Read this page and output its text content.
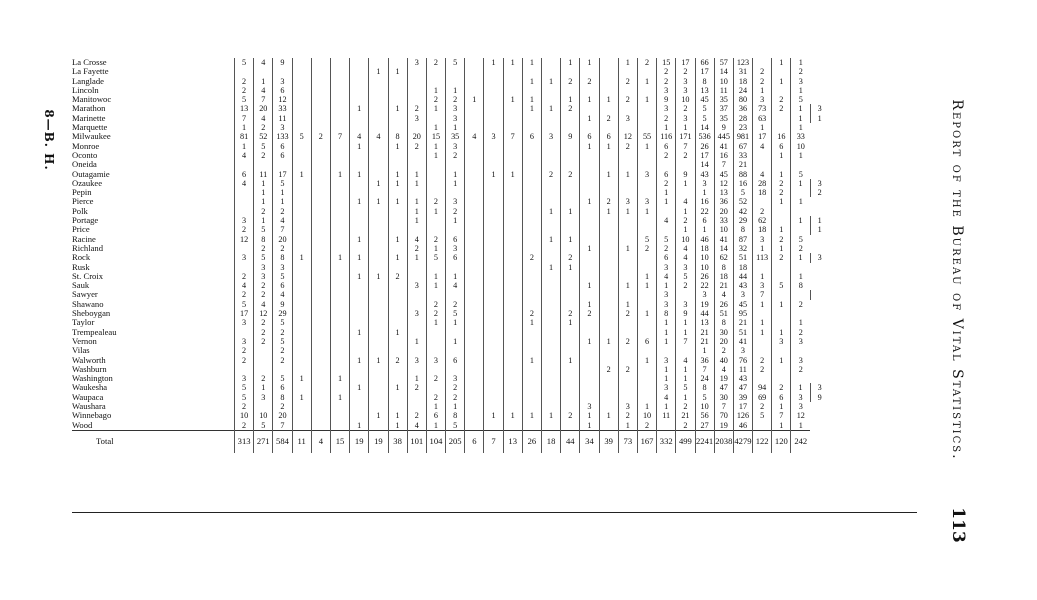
8—B. H.	Report of the Bureau of Vital Statistics.
113
La Crosse	5	4	9							3	2	5		1	1	1		1	1		1	2	15	17	66	57	123		1	1	
La Fayette								1	1														2	2	17	14	31	2		2	
Langlade	2	1	3													1	1	2	2		2	1	2	3	8	10	18	2	1	3	
Lincoln	2	4	6								1	1											3	3	13	11	24	1		1	
Manitowoc	5	7	12								2	2	1		1	1		1	1	1	2	1	9	10	45	35	80	3	2	5	
Marathon	13	20	33				1		1	2	1	3				1	1	2					3	2	5	37	36	73	2	1	3
Marinette	7	4	11							3		3							1	2	3		2	3	5	35	28	63		1	1
Marquette	1	2	3								1	1											1	1	14	9	23	1		1	
Milwaukee	81	52	133	5	2	7	4	4	8	20	15	35	4	3	7	6	3	9	6	6	12	55	116	171	536	445	981	17	16	33	
Monroe	1	5	6				1		1	2	1	3							1	1	2	1	6	7	26	41	67	4	6	10	
Oconto	4	2	6								1	2											2	2	17	16	33		1	1	
Oneida																									14	7	21				
Outagamie	6	11	17	1		1	1		1	1		1		1	1		2	2		1	1	3	6	9	43	45	88	4	1	5	
Ozaukee	4	1	5					1	1	1		1											2	1	3	12	16	28	2	1	3
Pepin		1	1																				1		1	13	5	18	2		2
Pierce		1	1				1	1	1	1	2	3							1	2	3	3	1	4	16	36	52		1	1	
Polk		2	2							1	1	2					1	1		1	1	1		1	22	20	42	2			
Portage	3	1	4							1		1											4	2	6	33	29	62		1	1
Price	2	5	7																					1	1	10	8	18	1		1
Racine	12	8	20				1		1	4	2	6					1	1				5	5	10	46	41	87	3	2	5	
Richland		2	2							2	1	3							1		1	2	2	4	18	14	32	1	1	2	
Rock	3	5	8	1		1	1		1	1	5	6				2		2					6	4	10	62	51	113	2	1	3
Rusk		3	3														1	1					3	3	10	8	18				
St. Croix	2	3	5				1	1	2		1	1										1	4	5	26	18	44	1		1	
Sauk	4	2	6							3	1	4							1		1	1	1	2	22	21	43	3	5	8	
Sawyer	2	2	4																				3		3	4	3	7			
Shawano	5	4	9								2	2							1		1		3	3	19	26	45	1	1	2	
Sheboygan	17	12	29							3	2	5				2		2	2		2	1	8	9	44	51	95				
Taylor	3	2	5								1	1				1		1					1	1	13	8	21	1		1	
Trempealeau		2	2				1		1														1	1	21	30	51	1	1	2	
Vernon	3	2	5							1		1							1	1	2	6	1	7	21	20	41		3	3	
Vilas	2		2																						1	2	3				
Walworth	2		2				1	1	2	3	3	6				1		1				1	3	4	36	40	76	2	1	3	
Washburn																				2	2		1	1	7	4	11	2		2	
Washington	3	2	5	1		1				1	2	3											1	1	24	19	43				
Waukesha	5	1	6				1		1	2		2											3	5	8	47	47	94	2	1	3
Waupaca	5	3	8	1		1					2	2											4	1	5	30	39	69	6	3	9
Waushara	2		2								1	1							3		3	1	1	2	10	7	17	2	1	3	
Winnebago	10	10	20					1	1	2	6	8		1	1	1	1	2	1	1	2	10	11	21	56	70	126	5	7	12	
Wood	2	5	7				1		1	4	1	5							1		1	2		2	27	19	46		1	1	
Total	313	271	584	11	4	15	19	19	38	101	104	205	6	7	13	26	18	44	34	39	73	167	332	499	2241	2038	4279	122	120	242	
